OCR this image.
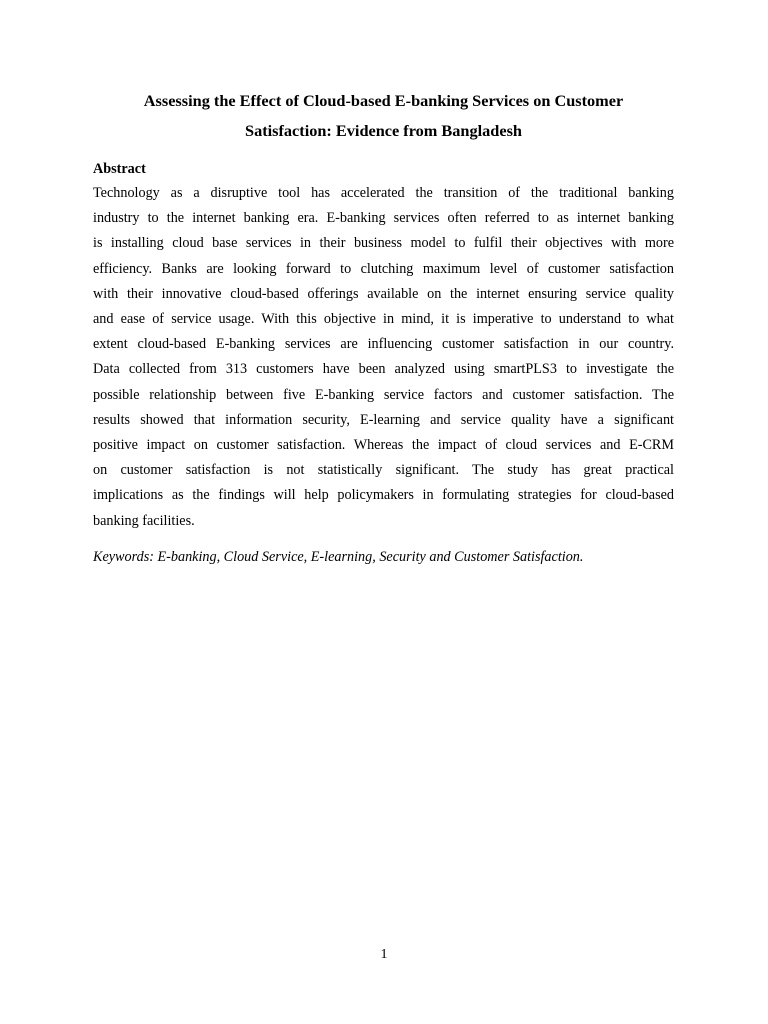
Assessing the Effect of Cloud-based E-banking Services on Customer
Satisfaction: Evidence from Bangladesh
Abstract
Technology as a disruptive tool has accelerated the transition of the traditional banking
industry to the internet banking era. E-banking services often referred to as internet banking
is installing cloud base services in their business model to fulfil their objectives with more
efficiency. Banks are looking forward to clutching maximum level of customer satisfaction
with their innovative cloud-based offerings available on the internet ensuring service quality
and ease of service usage. With this objective in mind, it is imperative to understand to what
extent cloud-based E-banking services are influencing customer satisfaction in our country.
Data collected from 313 customers have been analyzed using smartPLS3 to investigate the
possible relationship between five E-banking service factors and customer satisfaction. The
results showed that information security, E-learning and service quality have a significant
positive impact on customer satisfaction. Whereas the impact of cloud services and E-CRM
on customer satisfaction is not statistically significant. The study has great practical
implications as the findings will help policymakers in formulating strategies for cloud-based
banking facilities.
Keywords: E-banking, Cloud Service, E-learning, Security and Customer Satisfaction.
1
